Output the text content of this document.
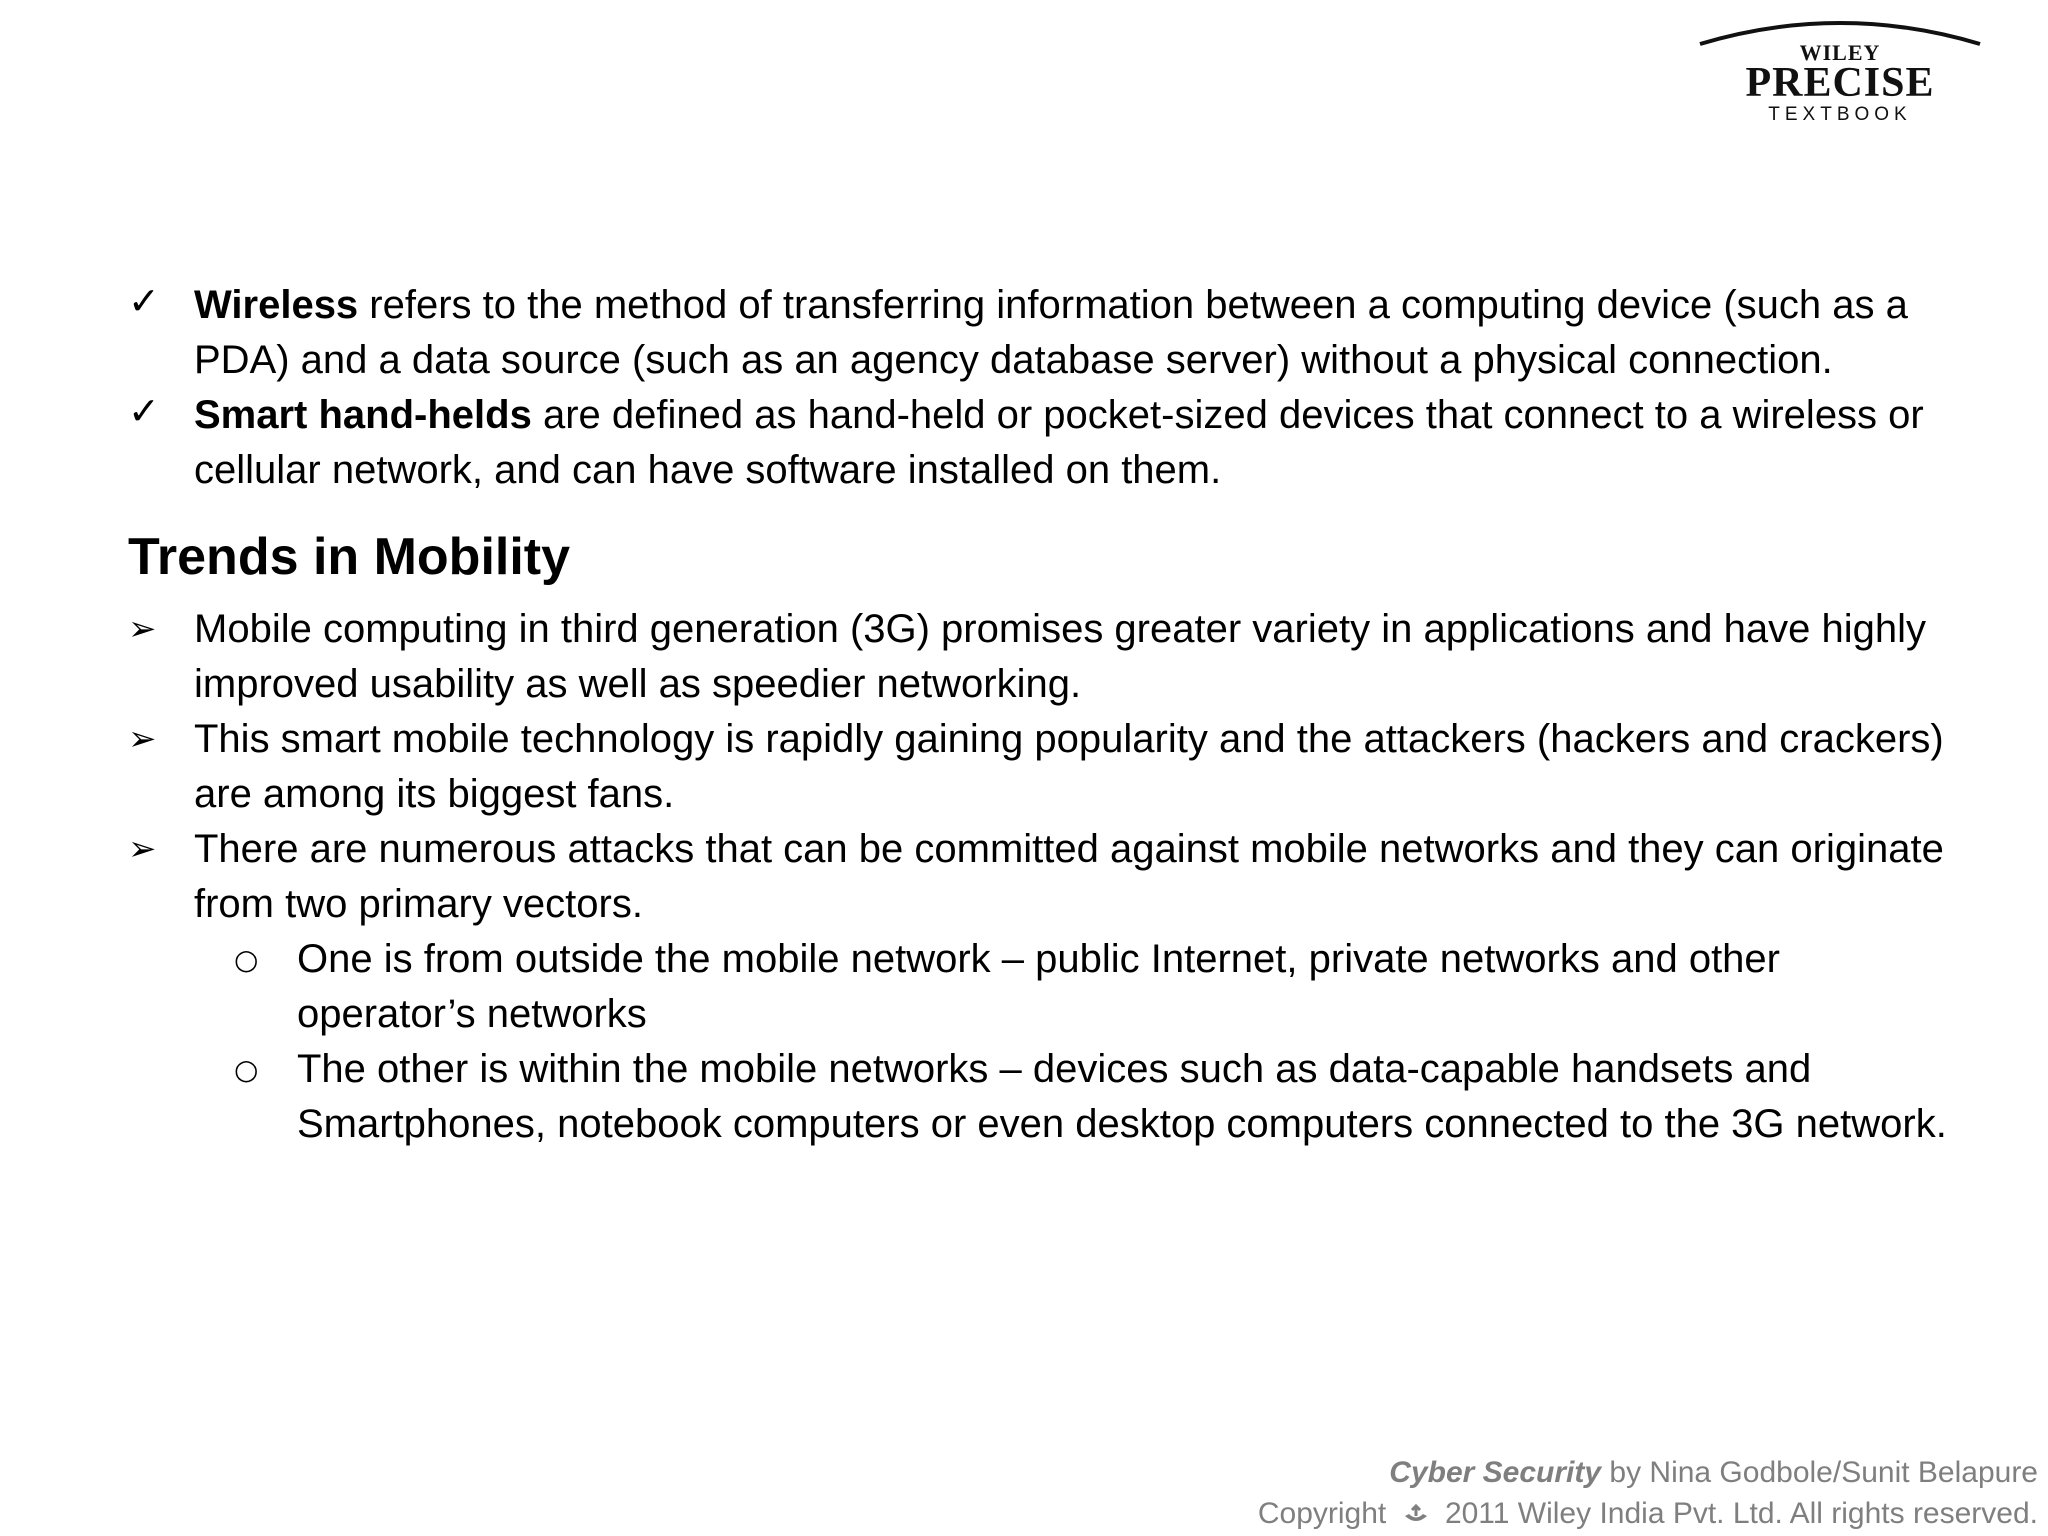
WILEY
PRECISE
TEXTBOOK
✓ Wireless refers to the method of transferring information between a computing device (such as a PDA) and a data source (such as an agency database server) without a physical connection.
✓ Smart hand-helds are defined as hand-held or pocket-sized devices that connect to a wireless or cellular network, and can have software installed on them.
Trends in Mobility
➢ Mobile computing in third generation (3G) promises greater variety in applications and have highly improved usability as well as speedier networking.
➢ This smart mobile technology is rapidly gaining popularity and the attackers (hackers and crackers) are among its biggest fans.
➢ There are numerous attacks that can be committed against mobile networks and they can originate from two primary vectors.
○ One is from outside the mobile network – public Internet, private networks and other operator’s networks
○ The other is within the mobile networks – devices such as data-capable handsets and Smartphones, notebook computers or even desktop computers connected to the 3G network.
Cyber Security by Nina Godbole/Sunit Belapure
Copyright 2011 Wiley India Pvt. Ltd. All rights reserved.
